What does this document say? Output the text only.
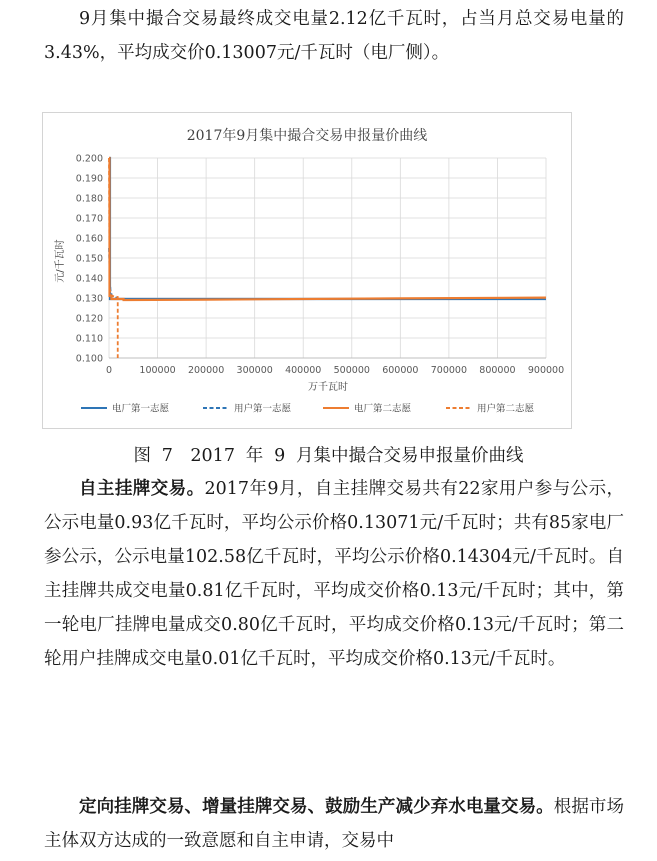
9月集中撮合交易最终成交电量2.12亿千瓦时，占当月总交易电量的3.43%，平均成交价0.13007元/千瓦时（电厂侧）。

2017年9月集中撮合交易申报量价曲线
元/千瓦时
万千瓦时
0.100
0.110
0.120
0.130
0.140
0.150
0.160
0.170
0.180
0.190
0.200
0	100000 200000 300000 400000 500000 600000 700000 800000 900000
电厂第一志愿	用户第一志愿	电厂第二志愿	用户第二志愿

图 7　2017 年 9 月集中撮合交易申报量价曲线

自主挂牌交易。2017年9月，自主挂牌交易共有22家用户参与公示，公示电量0.93亿千瓦时，平均公示价格0.13071元/千瓦时；共有85家电厂参公示，公示电量102.58亿千瓦时，平均公示价格0.14304元/千瓦时。自主挂牌共成交电量0.81亿千瓦时，平均成交价格0.13元/千瓦时；其中，第一轮电厂挂牌电量成交0.80亿千瓦时，平均成交价格0.13元/千瓦时；第二轮用户挂牌成交电量0.01亿千瓦时，平均成交价格0.13元/千瓦时。

定向挂牌交易、增量挂牌交易、鼓励生产减少弃水电量交易。根据市场主体双方达成的一致意愿和自主申请，交易中
